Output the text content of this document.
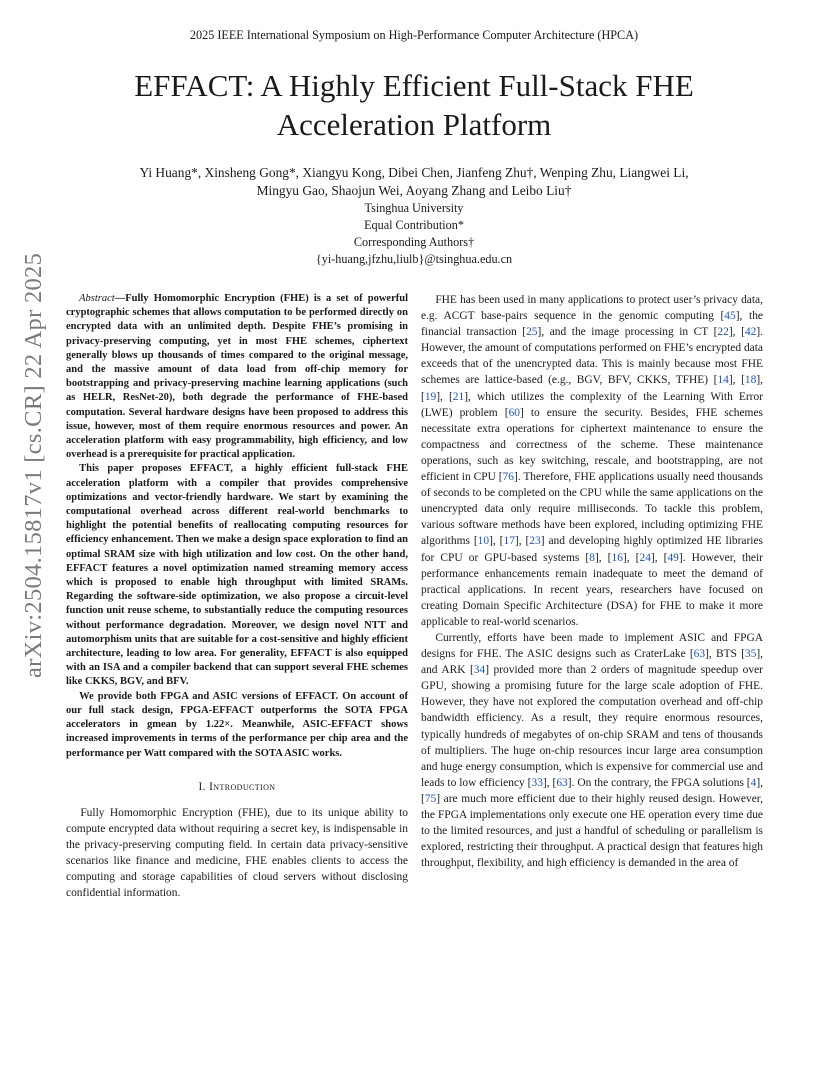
2025 IEEE International Symposium on High-Performance Computer Architecture (HPCA)
EFFACT: A Highly Efficient Full-Stack FHE Acceleration Platform
Yi Huang*, Xinsheng Gong*, Xiangyu Kong, Dibei Chen, Jianfeng Zhu†, Wenping Zhu, Liangwei Li,
Mingyu Gao, Shaojun Wei, Aoyang Zhang and Leibo Liu†
Tsinghua University
Equal Contribution*
Corresponding Authors†
{yi-huang,jfzhu,liulb}@tsinghua.edu.cn
arXiv:2504.15817v1 [cs.CR] 22 Apr 2025	Abstract—Fully Homomorphic Encryption (FHE) is a set of powerful cryptographic schemes that allows computation to be performed directly on encrypted data with an unlimited depth. Despite FHE’s promising in privacy-preserving computing, yet in most FHE schemes, ciphertext generally blows up thousands of times compared to the original message, and the massive amount of data load from off-chip memory for bootstrapping and privacy-preserving machine learning applications (such as HELR, ResNet-20), both degrade the performance of FHE-based computation. Several hardware designs have been proposed to address this issue, however, most of them require enormous resources and power. An acceleration platform with easy programmability, high efficiency, and low overhead is a prerequisite for practical application.

This paper proposes EFFACT, a highly efficient full-stack FHE acceleration platform with a compiler that provides comprehensive optimizations and vector-friendly hardware. We start by examining the computational overhead across different real-world benchmarks to highlight the potential benefits of reallocating computing resources for efficiency enhancement. Then we make a design space exploration to find an optimal SRAM size with high utilization and low cost. On the other hand, EFFACT features a novel optimization named streaming memory access which is proposed to enable high throughput with limited SRAMs. Regarding the software-side optimization, we also propose a circuit-level function unit reuse scheme, to substantially reduce the computing resources without performance degradation. Moreover, we design novel NTT and automorphism units that are suitable for a cost-sensitive and highly efficient architecture, leading to low area. For generality, EFFACT is also equipped with an ISA and a compiler backend that can support several FHE schemes like CKKS, BGV, and BFV.

We provide both FPGA and ASIC versions of EFFACT. On account of our full stack design, FPGA-EFFACT outperforms the SOTA FPGA accelerators in gmean by 1.22×. Meanwhile, ASIC-EFFACT shows increased improvements in terms of the performance per chip area and the performance per Watt compared with the SOTA ASIC works.

I. Introduction

Fully Homomorphic Encryption (FHE), due to its unique ability to compute encrypted data without requiring a secret key, is indispensable in the privacy-preserving computing field. In certain data privacy-sensitive scenarios like finance and medicine, FHE enables clients to access the computing and storage capabilities of cloud servers without disclosing confidential information.

FHE has been used in many applications to protect user’s privacy data, e.g. ACGT base-pairs sequence in the genomic computing [45], the financial transaction [25], and the image processing in CT [22], [42]. However, the amount of computations performed on FHE’s encrypted data exceeds that of the unencrypted data. This is mainly because most FHE schemes are lattice-based (e.g., BGV, BFV, CKKS, TFHE) [14], [18], [19], [21], which utilizes the complexity of the Learning With Error (LWE) problem [60] to ensure the security. Besides, FHE schemes necessitate extra operations for ciphertext maintenance to ensure the compactness and correctness of the scheme. These maintenance operations, such as key switching, rescale, and bootstrapping, are not efficient in CPU [76]. Therefore, FHE applications usually need thousands of seconds to be completed on the CPU while the same applications on the unencrypted data only require milliseconds. To tackle this problem, various software methods have been explored, including optimizing FHE algorithms [10], [17], [23] and developing highly optimized HE libraries for CPU or GPU-based systems [8], [16], [24], [49]. However, their performance enhancements remain inadequate to meet the demand of practical applications. In recent years, researchers have focused on creating Domain Specific Architecture (DSA) for FHE to make it more applicable to real-world scenarios.

Currently, efforts have been made to implement ASIC and FPGA designs for FHE. The ASIC designs such as CraterLake [63], BTS [35], and ARK [34] provided more than 2 orders of magnitude speedup over GPU, showing a promising future for the large scale adoption of FHE. However, they have not explored the computation overhead and off-chip bandwidth efficiency. As a result, they require enormous resources, typically hundreds of megabytes of on-chip SRAM and tens of thousands of multipliers. The huge on-chip resources incur large area consumption and huge energy consumption, which is expensive for commercial use and leads to low efficiency [33], [63]. On the contrary, the FPGA solutions [4], [75] are much more efficient due to their highly reused design. However, the FPGA implementations only execute one HE operation every time due to the limited resources, and just a handful of scheduling or parallelism is explored, restricting their throughput. A practical design that features high throughput, flexibility, and high efficiency is demanded in the area of
